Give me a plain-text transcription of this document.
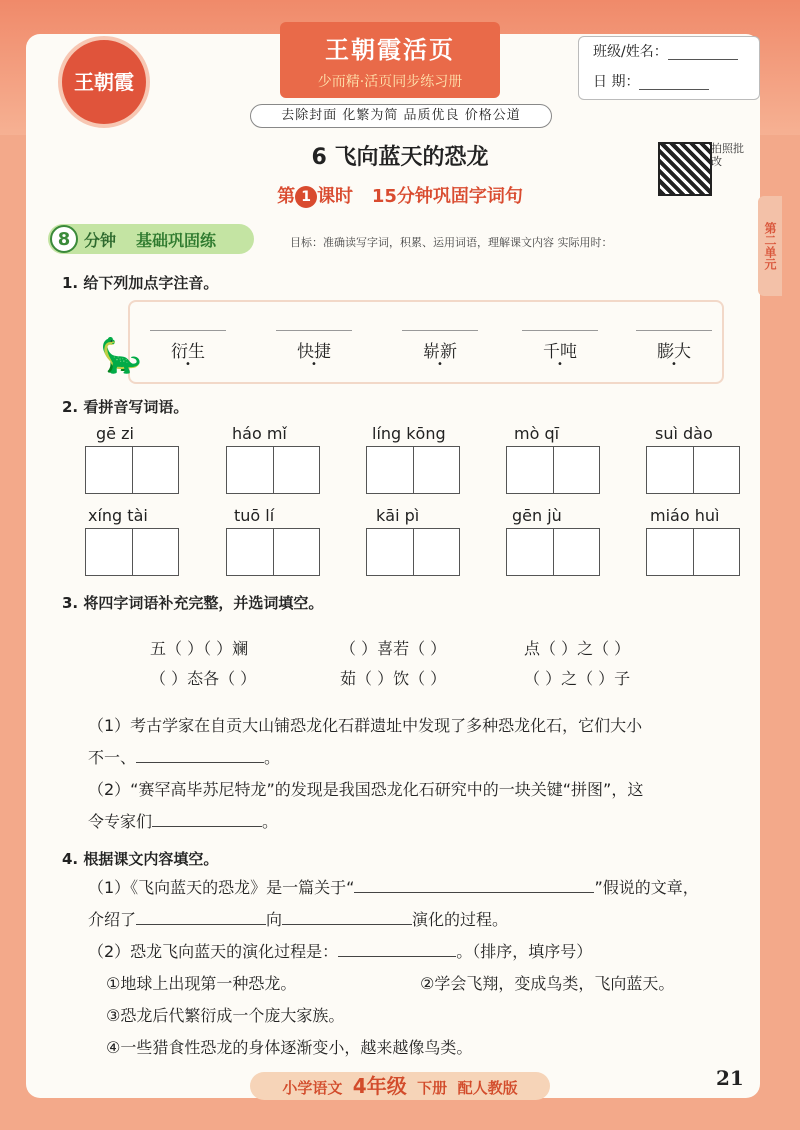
王朝霞
王朝霞活页
少而精·活页同步练习册
去除封面 化繁为简 品质优良 价格公道
班级/姓名：
日 期：
第二单元
6 飞向蓝天的恐龙
第 1 课时 15分钟巩固字词句
拍照批改
8 分钟 基础巩固练	目标：准确读写字词，积累、运用词语，理解课文内容 实际用时：
1. 给下列加点字注音。
🦕	衍生
•
快捷
•
崭新
•
千吨
•
膨大
•
2. 看拼音写词语。
gē zi	háo mǐ	líng kōng	mò qī	suì dào
xíng tài	tuō lí	kāi pì	gēn jù	miáo huì
3. 将四字词语补充完整，并选词填空。
五（ ）（ ）斓	（ ）喜若（ ）	点（ ）之（ ）
（ ）态各（ ）	茹（ ）饮（ ）	（ ）之（ ）子
（1）考古学家在自贡大山铺恐龙化石群遗址中发现了多种恐龙化石，它们大小
不一、	。
（2）“赛罕高毕苏尼特龙”的发现是我国恐龙化石研究中的一块关键“拼图”，这
令专家们	。
4. 根据课文内容填空。
（1）《飞向蓝天的恐龙》是一篇关于“	”假说的文章，
介绍了	向	演化的过程。
（2）恐龙飞向蓝天的演化过程是：	。（排序，填序号）
①地球上出现第一种恐龙。	②学会飞翔，变成鸟类，飞向蓝天。
③恐龙后代繁衍成一个庞大家族。
④一些猎食性恐龙的身体逐渐变小，越来越像鸟类。
小学语文 4年级 下册 配人教版	21
